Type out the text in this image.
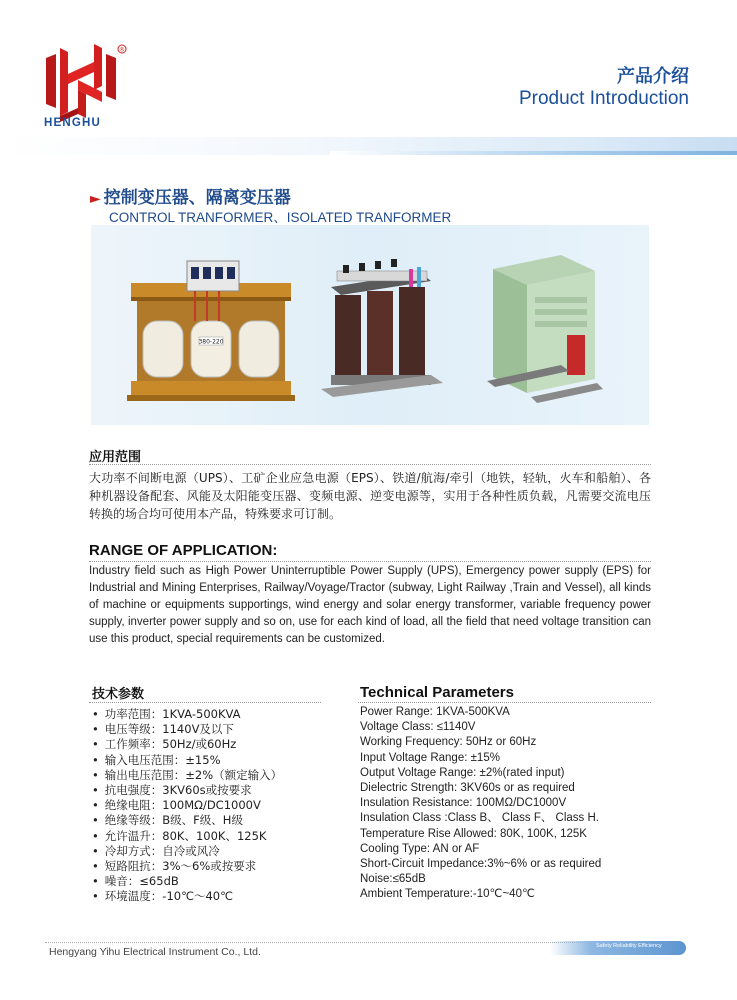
®
HENGHU
产品介绍
Product Introduction
► 控制变压器、隔离变压器
CONTROL TRANFORMER、ISOLATED TRANFORMER
380-220
应用范围
大功率不间断电源（UPS）、工矿企业应急电源（EPS）、铁道/航海/牵引（地铁，轻轨，火车和船舶）、各种机器设备配套、风能及太阳能变压器、变频电源、逆变电源等，实用于各种性质负载，凡需要交流电压转换的场合均可使用本产品，特殊要求可订制。
RANGE OF APPLICATION:
Industry field such as High Power Uninterruptible Power Supply (UPS), Emergency power supply (EPS) for Industrial and Mining Enterprises, Railway/Voyage/Tractor (subway, Light Railway ,Train and Vessel), all kinds of machine or equipments supportings, wind energy and solar energy transformer, variable frequency power supply, inverter power supply and so on, use for each kind of load, all the field that need voltage transition can use this product, special requirements can be customized.
技术参数	Technical Parameters
• 功率范围：1KVA-500KVA
• 电压等级：1140V及以下
• 工作频率：50Hz/或60Hz
• 输入电压范围：±15%
• 输出电压范围：±2%（额定输入）
• 抗电强度：3KV60s或按要求
• 绝缘电阻：100MΩ/DC1000V
• 绝缘等级：B级、F级、H级
• 允许温升：80K、100K、125K
• 冷却方式：自冷或风冷
• 短路阻抗：3%～6%或按要求
• 噪音：≤65dB
• 环境温度：-10℃～40℃
Power Range: 1KVA-500KVA
Voltage Class: ≤1140V
Working Frequency: 50Hz or 60Hz
Input Voltage Range: ±15%
Output Voltage Range: ±2%(rated input)
Dielectric Strength: 3KV60s or as required
Insulation Resistance: 100MΩ/DC1000V
Insulation Class :Class B、 Class F、 Class H.
Temperature Rise Allowed: 80K, 100K, 125K
Cooling Type: AN or AF
Short-Circuit Impedance:3%~6% or as required
Noise:≤65dB
Ambient Temperature:-10℃~40℃
Hengyang Yihu Electrical Instrument Co., Ltd.	Safety Reliability Efficiency
